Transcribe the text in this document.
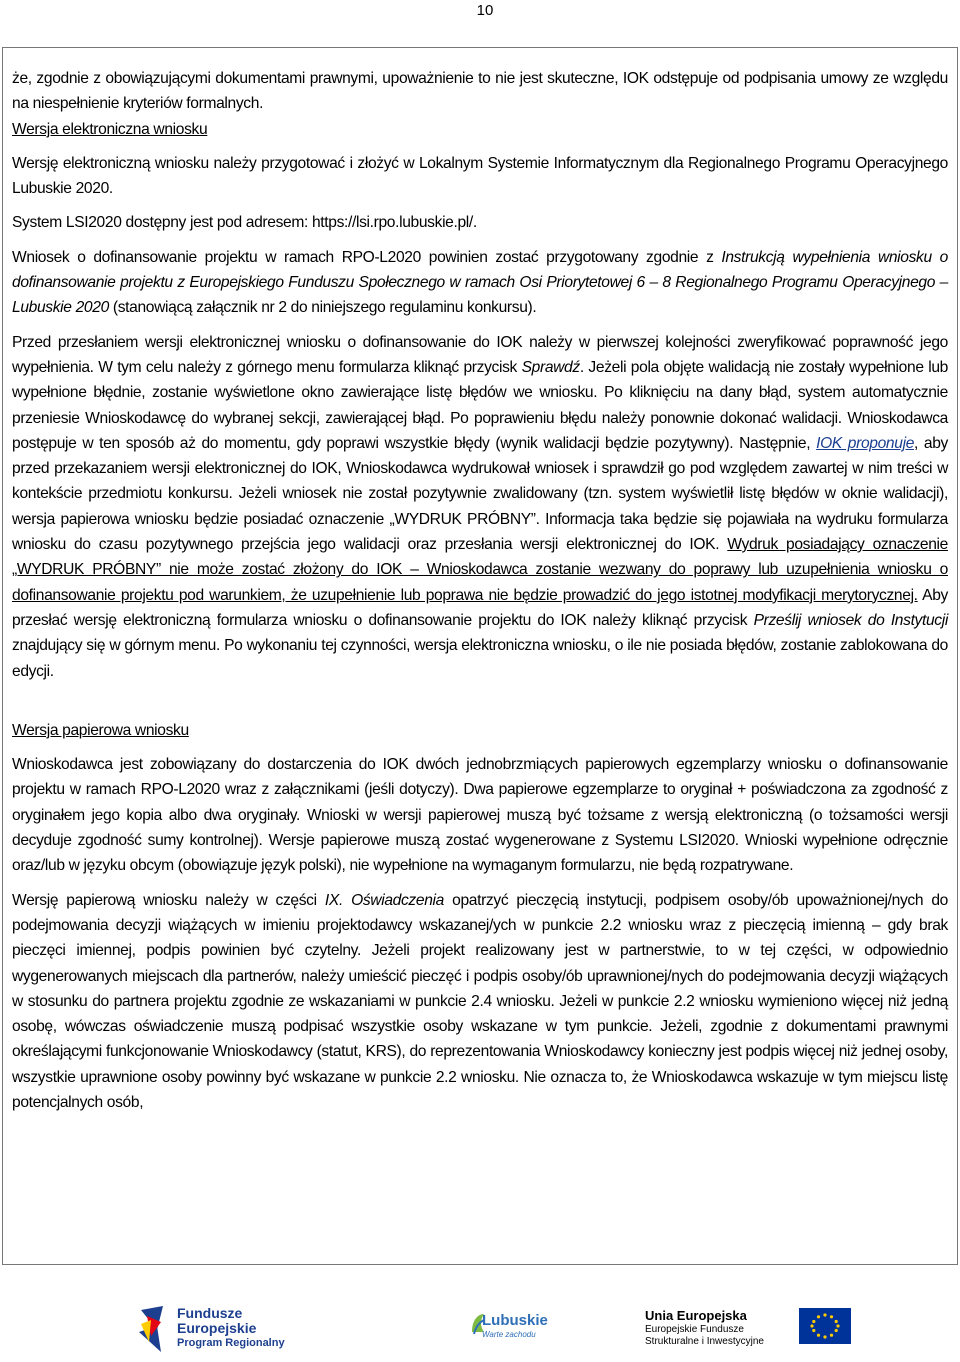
10

że, zgodnie z obowiązującymi dokumentami prawnymi, upoważnienie to nie jest skuteczne, IOK odstępuje od podpisania umowy ze względu na niespełnienie kryteriów formalnych.

Wersja elektroniczna wniosku

Wersję elektroniczną wniosku należy przygotować i złożyć w Lokalnym Systemie Informatycznym dla Regionalnego Programu Operacyjnego Lubuskie 2020.

System LSI2020 dostępny jest pod adresem: https://lsi.rpo.lubuskie.pl/.

Wniosek o dofinansowanie projektu w ramach RPO-L2020 powinien zostać przygotowany zgodnie z Instrukcją wypełnienia wniosku o dofinansowanie projektu z Europejskiego Funduszu Społecznego w ramach Osi Priorytetowej 6 – 8 Regionalnego Programu Operacyjnego – Lubuskie 2020 (stanowiącą załącznik nr 2 do niniejszego regulaminu konkursu).

Przed przesłaniem wersji elektronicznej wniosku o dofinansowanie do IOK należy w pierwszej kolejności zweryfikować poprawność jego wypełnienia. W tym celu należy z górnego menu formularza kliknąć przycisk Sprawdź. Jeżeli pola objęte walidacją nie zostały wypełnione lub wypełnione błędnie, zostanie wyświetlone okno zawierające listę błędów we wniosku. Po kliknięciu na dany błąd, system automatycznie przeniesie Wnioskodawcę do wybranej sekcji, zawierającej błąd. Po poprawieniu błędu należy ponownie dokonać walidacji. Wnioskodawca postępuje w ten sposób aż do momentu, gdy poprawi wszystkie błędy (wynik walidacji będzie pozytywny). Następnie, IOK proponuje, aby przed przekazaniem wersji elektronicznej do IOK, Wnioskodawca wydrukował wniosek i sprawdził go pod względem zawartej w nim treści w kontekście przedmiotu konkursu. Jeżeli wniosek nie został pozytywnie zwalidowany (tzn. system wyświetlił listę błędów w oknie walidacji), wersja papierowa wniosku będzie posiadać oznaczenie „WYDRUK PRÓBNY”. Informacja taka będzie się pojawiała na wydruku formularza wniosku do czasu pozytywnego przejścia jego walidacji oraz przesłania wersji elektronicznej do IOK. Wydruk posiadający oznaczenie „WYDRUK PRÓBNY” nie może zostać złożony do IOK – Wnioskodawca zostanie wezwany do poprawy lub uzupełnienia wniosku o dofinansowanie projektu pod warunkiem, że uzupełnienie lub poprawa nie będzie prowadzić do jego istotnej modyfikacji merytorycznej. Aby przesłać wersję elektroniczną formularza wniosku o dofinansowanie projektu do IOK należy kliknąć przycisk Prześlij wniosek do Instytucji znajdujący się w górnym menu. Po wykonaniu tej czynności, wersja elektroniczna wniosku, o ile nie posiada błędów, zostanie zablokowana do edycji.

Wersja papierowa wniosku

Wnioskodawca jest zobowiązany do dostarczenia do IOK dwóch jednobrzmiących papierowych egzemplarzy wniosku o dofinansowanie projektu w ramach RPO-L2020 wraz z załącznikami (jeśli dotyczy). Dwa papierowe egzemplarze to oryginał + poświadczona za zgodność z oryginałem jego kopia albo dwa oryginały. Wnioski w wersji papierowej muszą być tożsame z wersją elektroniczną (o tożsamości wersji decyduje zgodność sumy kontrolnej). Wersje papierowe muszą zostać wygenerowane z Systemu LSI2020. Wnioski wypełnione odręcznie oraz/lub w języku obcym (obowiązuje język polski), nie wypełnione na wymaganym formularzu, nie będą rozpatrywane.

Wersję papierową wniosku należy w części IX. Oświadczenia opatrzyć pieczęcią instytucji, podpisem osoby/ób upoważnionej/nych do podejmowania decyzji wiążących w imieniu projektodawcy wskazanej/ych w punkcie 2.2 wniosku wraz z pieczęcią imienną – gdy brak pieczęci imiennej, podpis powinien być czytelny. Jeżeli projekt realizowany jest w partnerstwie, to w tej części, w odpowiednio wygenerowanych miejscach dla partnerów, należy umieścić pieczęć i podpis osoby/ób uprawnionej/nych do podejmowania decyzji wiążących w stosunku do partnera projektu zgodnie ze wskazaniami w punkcie 2.4 wniosku. Jeżeli w punkcie 2.2 wniosku wymieniono więcej niż jedną osobę, wówczas oświadczenie muszą podpisać wszystkie osoby wskazane w tym punkcie. Jeżeli, zgodnie z dokumentami prawnymi określającymi funkcjonowanie Wnioskodawcy (statut, KRS), do reprezentowania Wnioskodawcy konieczny jest podpis więcej niż jednej osoby, wszystkie uprawnione osoby powinny być wskazane w punkcie 2.2 wniosku. Nie oznacza to, że Wnioskodawca wskazuje w tym miejscu listę potencjalnych osób,

Fundusze
Europejskie
Program Regionalny
Lubuskie
Warte zachodu
Unia Europejska
Europejskie Fundusze
Strukturalne i Inwestycyjne
